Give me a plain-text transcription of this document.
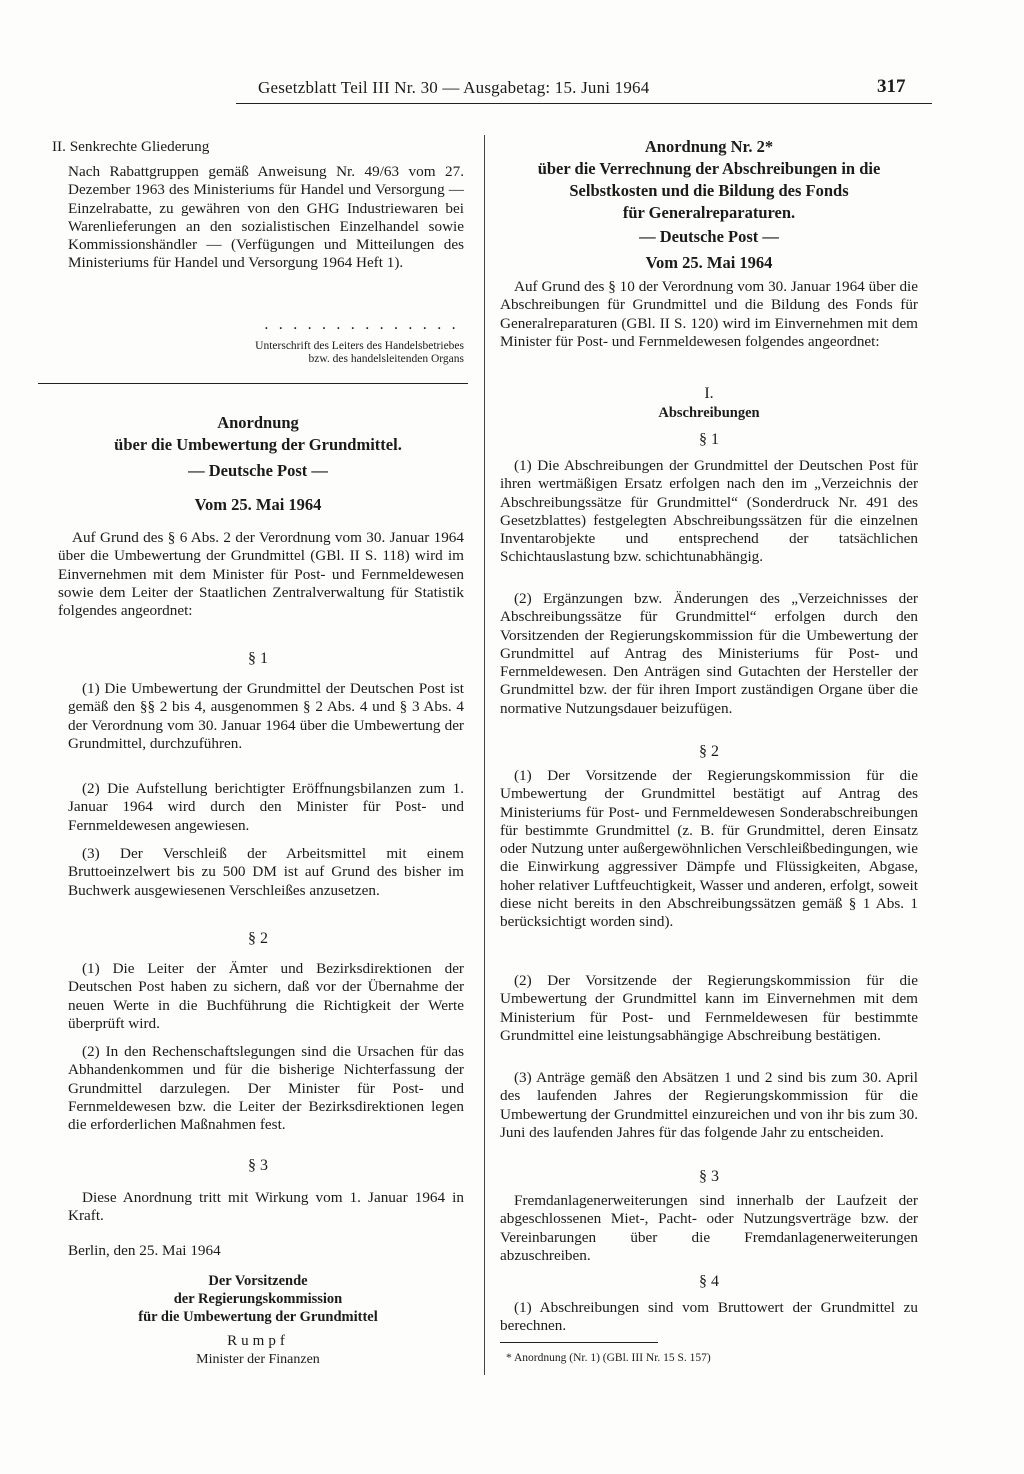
Gesetzblatt Teil III Nr. 30 — Ausgabetag: 15. Juni 1964	317

II. Senkrechte Gliederung

Nach Rabattgruppen gemäß Anweisung Nr. 49/63 vom 27. Dezember 1963 des Ministeriums für Handel und Versorgung — Einzelrabatte, zu gewähren von den GHG Industriewaren bei Warenlieferungen an den sozialistischen Einzelhandel sowie Kommissionshändler — (Verfügungen und Mitteilungen des Ministeriums für Handel und Versorgung 1964 Heft 1).

..............

Unterschrift des Leiters des Handelsbetriebes

bzw. des handelsleitenden Organs

Anordnung

über die Umbewertung der Grundmittel.

— Deutsche Post —

Vom 25. Mai 1964

Auf Grund des § 6 Abs. 2 der Verordnung vom 30. Januar 1964 über die Umbewertung der Grundmittel (GBl. II S. 118) wird im Einvernehmen mit dem Minister für Post- und Fernmeldewesen sowie dem Leiter der Staatlichen Zentralverwaltung für Statistik folgendes angeordnet:

§ 1

(1) Die Umbewertung der Grundmittel der Deutschen Post ist gemäß den §§ 2 bis 4, ausgenommen § 2 Abs. 4 und § 3 Abs. 4 der Verordnung vom 30. Januar 1964 über die Umbewertung der Grundmittel, durchzuführen.

(2) Die Aufstellung berichtigter Eröffnungsbilanzen zum 1. Januar 1964 wird durch den Minister für Post- und Fernmeldewesen angewiesen.

(3) Der Verschleiß der Arbeitsmittel mit einem Bruttoeinzelwert bis zu 500 DM ist auf Grund des bisher im Buchwerk ausgewiesenen Verschleißes anzusetzen.

§ 2

(1) Die Leiter der Ämter und Bezirksdirektionen der Deutschen Post haben zu sichern, daß vor der Übernahme der neuen Werte in die Buchführung die Richtigkeit der Werte überprüft wird.

(2) In den Rechenschaftslegungen sind die Ursachen für das Abhandenkommen und für die bisherige Nichterfassung der Grundmittel darzulegen. Der Minister für Post- und Fernmeldewesen bzw. die Leiter der Bezirksdirektionen legen die erforderlichen Maßnahmen fest.

§ 3

Diese Anordnung tritt mit Wirkung vom 1. Januar 1964 in Kraft.

Berlin, den 25. Mai 1964

Der Vorsitzende

der Regierungskommission

für die Umbewertung der Grundmittel

Rumpf

Minister der Finanzen

Anordnung Nr. 2*

über die Verrechnung der Abschreibungen in die

Selbstkosten und die Bildung des Fonds

für Generalreparaturen.

— Deutsche Post —

Vom 25. Mai 1964

Auf Grund des § 10 der Verordnung vom 30. Januar 1964 über die Abschreibungen für Grundmittel und die Bildung des Fonds für Generalreparaturen (GBl. II S. 120) wird im Einvernehmen mit dem Minister für Post- und Fernmeldewesen folgendes angeordnet:

I.

Abschreibungen

§ 1

(1) Die Abschreibungen der Grundmittel der Deutschen Post für ihren wertmäßigen Ersatz erfolgen nach den im „Verzeichnis der Abschreibungssätze für Grundmittel“ (Sonderdruck Nr. 491 des Gesetzblattes) festgelegten Abschreibungssätzen für die einzelnen Inventarobjekte und entsprechend der tatsächlichen Schichtauslastung bzw. schichtunabhängig.

(2) Ergänzungen bzw. Änderungen des „Verzeichnisses der Abschreibungssätze für Grundmittel“ erfolgen durch den Vorsitzenden der Regierungskommission für die Umbewertung der Grundmittel auf Antrag des Ministeriums für Post- und Fernmeldewesen. Den Anträgen sind Gutachten der Hersteller der Grundmittel bzw. der für ihren Import zuständigen Organe über die normative Nutzungsdauer beizufügen.

§ 2

(1) Der Vorsitzende der Regierungskommission für die Umbewertung der Grundmittel bestätigt auf Antrag des Ministeriums für Post- und Fernmeldewesen Sonderabschreibungen für bestimmte Grundmittel (z. B. für Grundmittel, deren Einsatz oder Nutzung unter außergewöhnlichen Verschleißbedingungen, wie die Einwirkung aggressiver Dämpfe und Flüssigkeiten, Abgase, hoher relativer Luftfeuchtigkeit, Wasser und anderen, erfolgt, soweit diese nicht bereits in den Abschreibungssätzen gemäß § 1 Abs. 1 berücksichtigt worden sind).

(2) Der Vorsitzende der Regierungskommission für die Umbewertung der Grundmittel kann im Einvernehmen mit dem Ministerium für Post- und Fernmeldewesen für bestimmte Grundmittel eine leistungsabhängige Abschreibung bestätigen.

(3) Anträge gemäß den Absätzen 1 und 2 sind bis zum 30. April des laufenden Jahres der Regierungskommission für die Umbewertung der Grundmittel einzureichen und von ihr bis zum 30. Juni des laufenden Jahres für das folgende Jahr zu entscheiden.

§ 3

Fremdanlagenerweiterungen sind innerhalb der Laufzeit der abgeschlossenen Miet-, Pacht- oder Nutzungsverträge bzw. der Vereinbarungen über die Fremdanlagenerweiterungen abzuschreiben.

§ 4

(1) Abschreibungen sind vom Bruttowert der Grundmittel zu berechnen.

* Anordnung (Nr. 1) (GBl. III Nr. 15 S. 157)
